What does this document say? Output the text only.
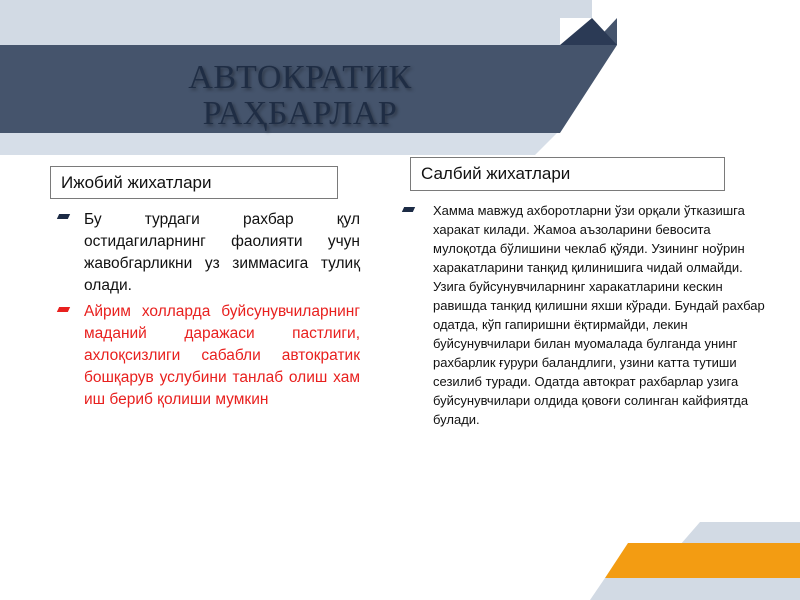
АВТОКРАТИК
РАҲБАРЛАР
Ижобий жихатлари	Салбий жихатлари
Бу турдаги рахбар қул остидагиларнинг фаолияти учун жавобгарликни уз зиммасига тулиқ олади.
Айрим холларда буйсунувчиларнинг маданий даражаси пастлиги, ахлоқсизлиги сабабли автократик бошқарув услубини танлаб олиш хам иш бериб қолиши мумкин
Хамма мавжуд ахборотларни ўзи орқали ўтказишга харакат килади. Жамоа аъзоларини бевосита мулоқотда бўлишини чеклаб қўяди. Узининг ноўрин харакатларини танқид қилинишига чидай олмайди. Узига буйсунувчиларнинг харакатларини кескин равишда танқид қилишни яхши кўради. Бундай рахбар одатда, кўп гапиришни ёқтирмайди, лекин буйсунувчилари билан муомалада булганда унинг рахбарлик ғурури баландлиги, узини катта тутиши сезилиб туради. Одатда автократ рахбарлар узига буйсунувчилари олдида қовоғи солинган кайфиятда булади.
